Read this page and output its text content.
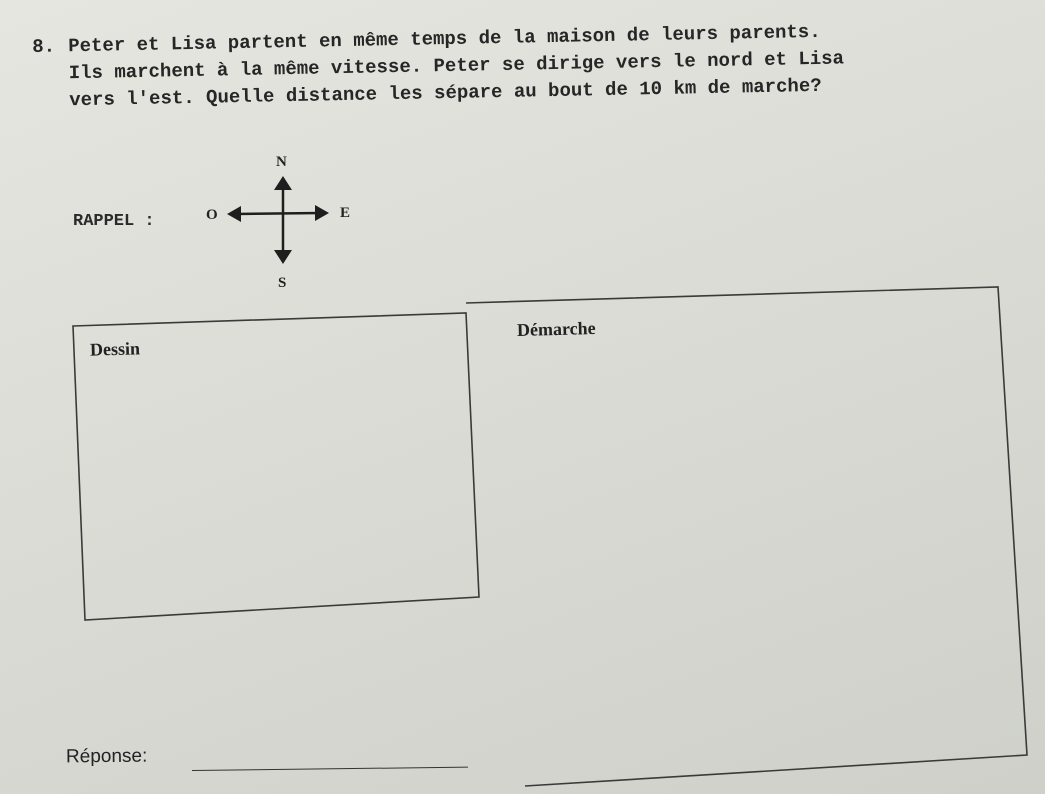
8. Peter et Lisa partent en même temps de la maison de leurs parents.
Ils marchent à la même vitesse. Peter se dirige vers le nord et Lisa
vers l'est. Quelle distance les sépare au bout de 10 km de marche?
RAPPEL :
N
S
E
O
Dessin
Démarche
Réponse:
